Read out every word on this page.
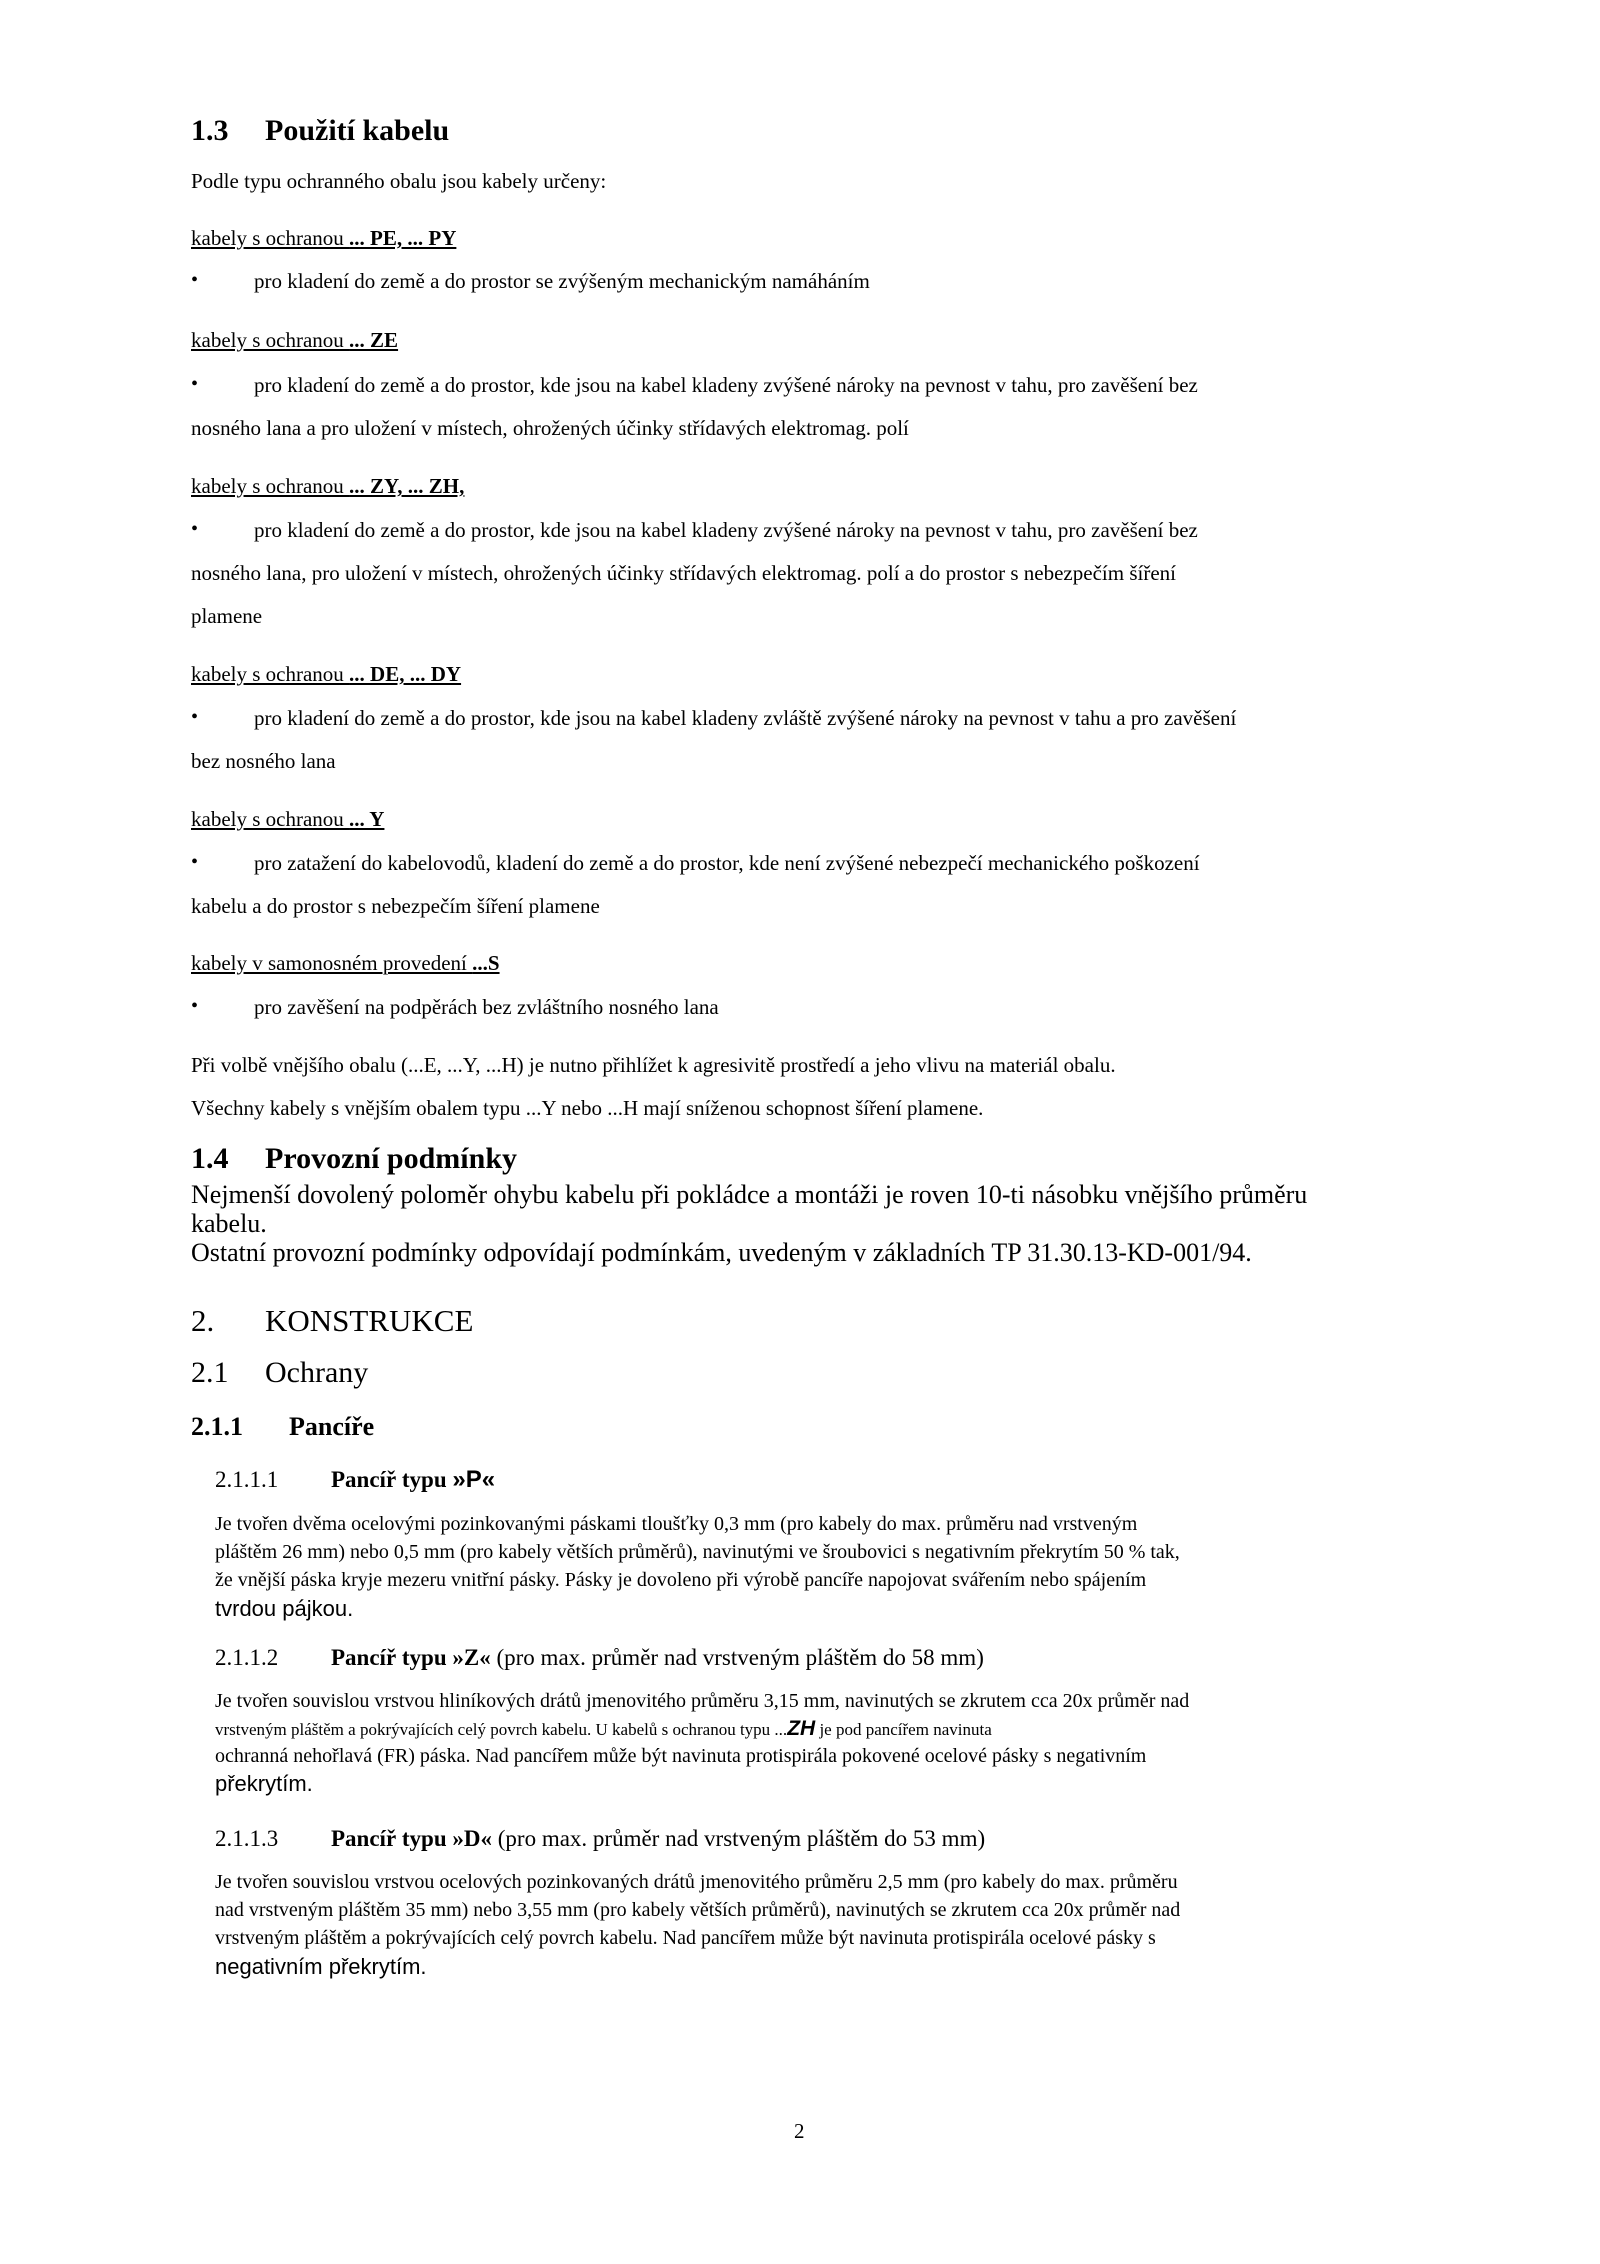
1.3 Použití kabelu
Podle typu ochranného obalu jsou kabely určeny:
kabely s ochranou ... PE, ... PY
•	pro kladení do země a do prostor se zvýšeným mechanickým namáháním
kabely s ochranou ... ZE
•	pro kladení do země a do prostor, kde jsou na kabel kladeny zvýšené nároky na pevnost v tahu, pro zavěšení bez
nosného lana a pro uložení v místech, ohrožených účinky střídavých elektromag. polí
kabely s ochranou ... ZY, ... ZH,
•	pro kladení do země a do prostor, kde jsou na kabel kladeny zvýšené nároky na pevnost v tahu, pro zavěšení bez
nosného lana, pro uložení v místech, ohrožených účinky střídavých elektromag. polí a do prostor s nebezpečím šíření
plamene
kabely s ochranou ... DE, ... DY
•	pro kladení do země a do prostor, kde jsou na kabel kladeny zvláště zvýšené nároky na pevnost v tahu a pro zavěšení
bez nosného lana
kabely s ochranou ... Y
•	pro zatažení do kabelovodů, kladení do země a do prostor, kde není zvýšené nebezpečí mechanického poškození
kabelu a do prostor s nebezpečím šíření plamene
kabely v samonosném provedení ...S
•	pro zavěšení na podpěrách bez zvláštního nosného lana
Při volbě vnějšího obalu (...E, ...Y, ...H) je nutno přihlížet k agresivitě prostředí a jeho vlivu na materiál obalu.
Všechny kabely s vnějším obalem typu ...Y nebo ...H mají sníženou schopnost šíření plamene.
1.4 Provozní podmínky
Nejmenší dovolený poloměr ohybu kabelu při pokládce a montáži je roven 10-ti násobku vnějšího průměru
kabelu.
Ostatní provozní podmínky odpovídají podmínkám, uvedeným v základních TP 31.30.13-KD-001/94.
2. KONSTRUKCE
2.1 Ochrany
2.1.1 Pancíře
2.1.1.1 Pancíř typu »P«
Je tvořen dvěma ocelovými pozinkovanými páskami tloušťky 0,3 mm (pro kabely do max. průměru nad vrstveným
pláštěm 26 mm) nebo 0,5 mm (pro kabely větších průměrů), navinutými ve šroubovici s negativním překrytím 50 % tak,
že vnější páska kryje mezeru vnitřní pásky. Pásky je dovoleno při výrobě pancíře napojovat svářením nebo spájením
tvrdou pájkou.
2.1.1.2 Pancíř typu »Z« (pro max. průměr nad vrstveným pláštěm do 58 mm)
Je tvořen souvislou vrstvou hliníkových drátů jmenovitého průměru 3,15 mm, navinutých se zkrutem cca 20x průměr nad
vrstveným pláštěm a pokrývajících celý povrch kabelu. U kabelů s ochranou typu ...ZH je pod pancířem navinuta
ochranná nehořlavá (FR) páska. Nad pancířem může být navinuta protispirála pokovené ocelové pásky s negativním
překrytím.
2.1.1.3 Pancíř typu »D« (pro max. průměr nad vrstveným pláštěm do 53 mm)
Je tvořen souvislou vrstvou ocelových pozinkovaných drátů jmenovitého průměru 2,5 mm (pro kabely do max. průměru
nad vrstveným pláštěm 35 mm) nebo 3,55 mm (pro kabely větších průměrů), navinutých se zkrutem cca 20x průměr nad
vrstveným pláštěm a pokrývajících celý povrch kabelu. Nad pancířem může být navinuta protispirála ocelové pásky s
negativním překrytím.
2
